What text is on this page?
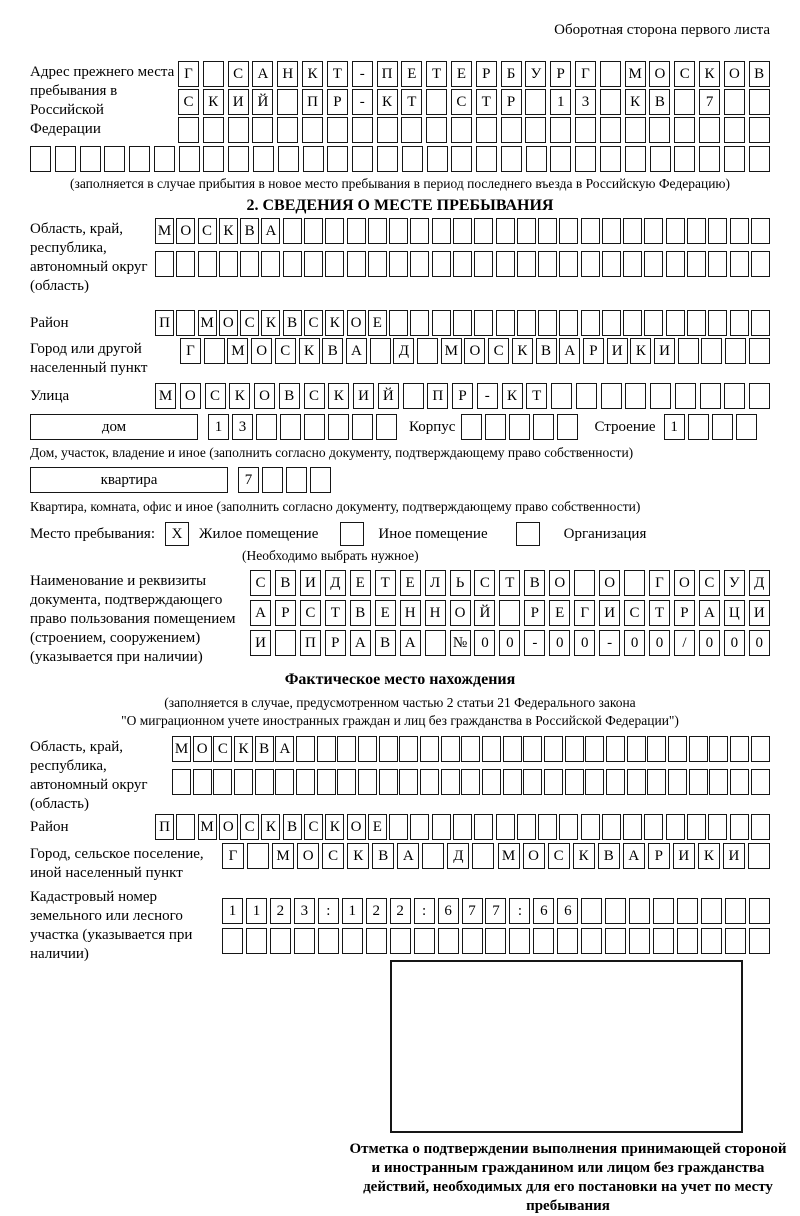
Оборотная сторона первого листа
Адрес прежнего места пребывания в Российской Федерации
Г	С А Н К	Т	-	П Е	Т	Е	Р	Б	У	Р	Г	М О С К О В
С К И Й	П	Р	-	К	Т	С	Т	Р	1	3	К В	7
(заполняется в случае прибытия в новое место пребывания в период последнего въезда в Российскую Федерацию)
2. СВЕДЕНИЯ О МЕСТЕ ПРЕБЫВАНИЯ
Область, край, республика, автономный округ (область)
М О С К В А
Район	П М О С К В С К О Е
Город или другой населенный пункт
Г	М О С К В А	Д	М О С К В А Р И К И
Улица	М О С К О В С К И Й	П	Р	-	К	Т
дом	1	3	Корпус	Строение 1
Дом, участок, владение и иное (заполнить согласно документу, подтверждающему право собственности)
квартира	7
Квартира, комната, офис и иное (заполнить согласно документу, подтверждающему право собственности)
Место пребывания:	X	Жилое помещение	Иное помещение	Организация
(Необходимо выбрать нужное)
Наименование и реквизиты документа, подтверждающего право пользования помещением (строением, сооружением) (указывается при наличии)
С В И Д	Е	Т	Е	Л	Ь	С	Т	В О	О	Г	О С У Д
А	Р	С	Т	В	Е Н Н О Й	Р	Е	Г	И С	Т	Р	А Ц И
И	П	Р	А В А	№ 0	0	-	0	0	-	0	0	/	0	0	0
Фактическое место нахождения
(заполняется в случае, предусмотренном частью 2 статьи 21 Федерального закона
"О миграционном учете иностранных граждан и лиц без гражданства в Российской Федерации")
Область, край, республика, автономный округ (область)
М О С К В А
Район	П М О С К В С К О Е
Город, сельское поселение, иной населенный пункт
Г	М О С	К	В А	Д	М О С	К	В А	Р	И К И
Кадастровый номер земельного или лесного участка (указывается при наличии)
1	1	2	3	:	1	2	2	:	6	7	7	:	6	6
Отметка о подтверждении выполнения принимающей стороной и иностранным гражданином или лицом без гражданства действий, необходимых для его постановки на учет по месту пребывания
